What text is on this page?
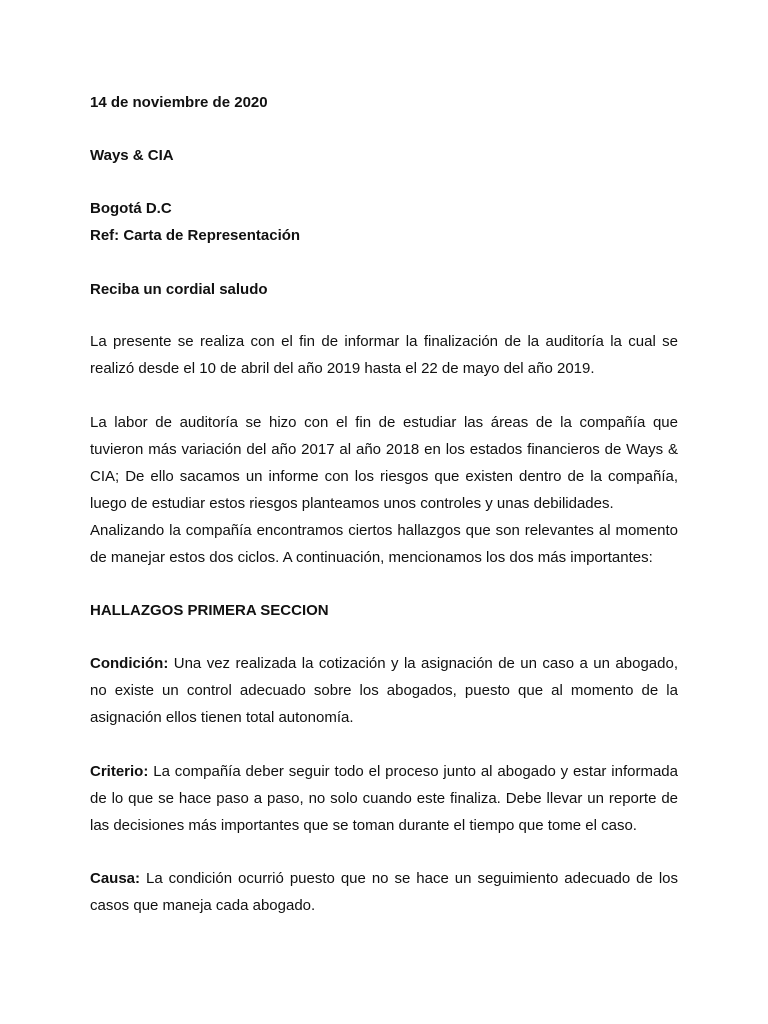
14 de noviembre de 2020
Ways & CIA
Bogotá D.C
Ref: Carta de Representación
Reciba un cordial saludo

La presente se realiza con el fin de informar la finalización de la auditoría la cual se realizó desde el 10 de abril del año 2019 hasta el 22 de mayo del año 2019.

La labor de auditoría se hizo con el fin de estudiar las áreas de la compañía que tuvieron más variación del año 2017 al año 2018 en los estados financieros de Ways & CIA; De ello sacamos un informe con los riesgos que existen dentro de la compañía, luego de estudiar estos riesgos planteamos unos controles y unas debilidades.

Analizando la compañía encontramos ciertos hallazgos que son relevantes al momento de manejar estos dos ciclos. A continuación, mencionamos los dos más importantes:

HALLAZGOS PRIMERA SECCION

Condición: Una vez realizada la cotización y la asignación de un caso a un abogado, no existe un control adecuado sobre los abogados, puesto que al momento de la asignación ellos tienen total autonomía.

Criterio: La compañía deber seguir todo el proceso junto al abogado y estar informada de lo que se hace paso a paso, no solo cuando este finaliza. Debe llevar un reporte de las decisiones más importantes que se toman durante el tiempo que tome el caso.

Causa: La condición ocurrió puesto que no se hace un seguimiento adecuado de los casos que maneja cada abogado.
